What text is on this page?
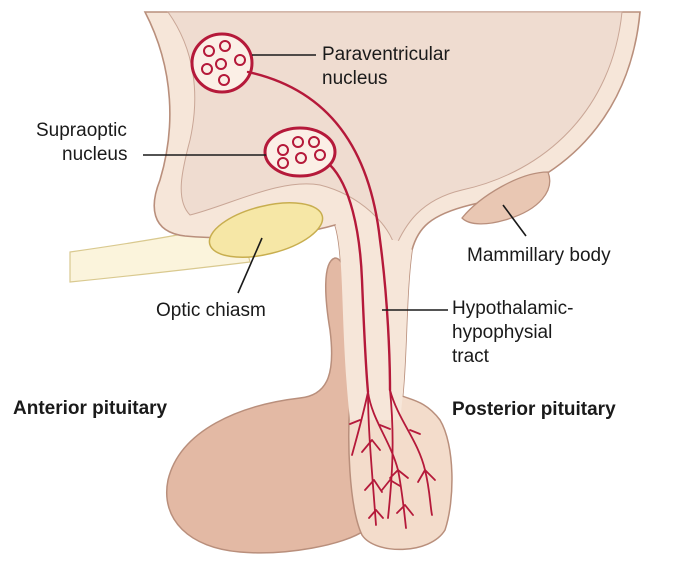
Paraventricular
nucleus
Supraoptic
nucleus
Mammillary body
Optic chiasm	Hypothalamic-
hypophysial
tract
Anterior pituitary	Posterior pituitary
